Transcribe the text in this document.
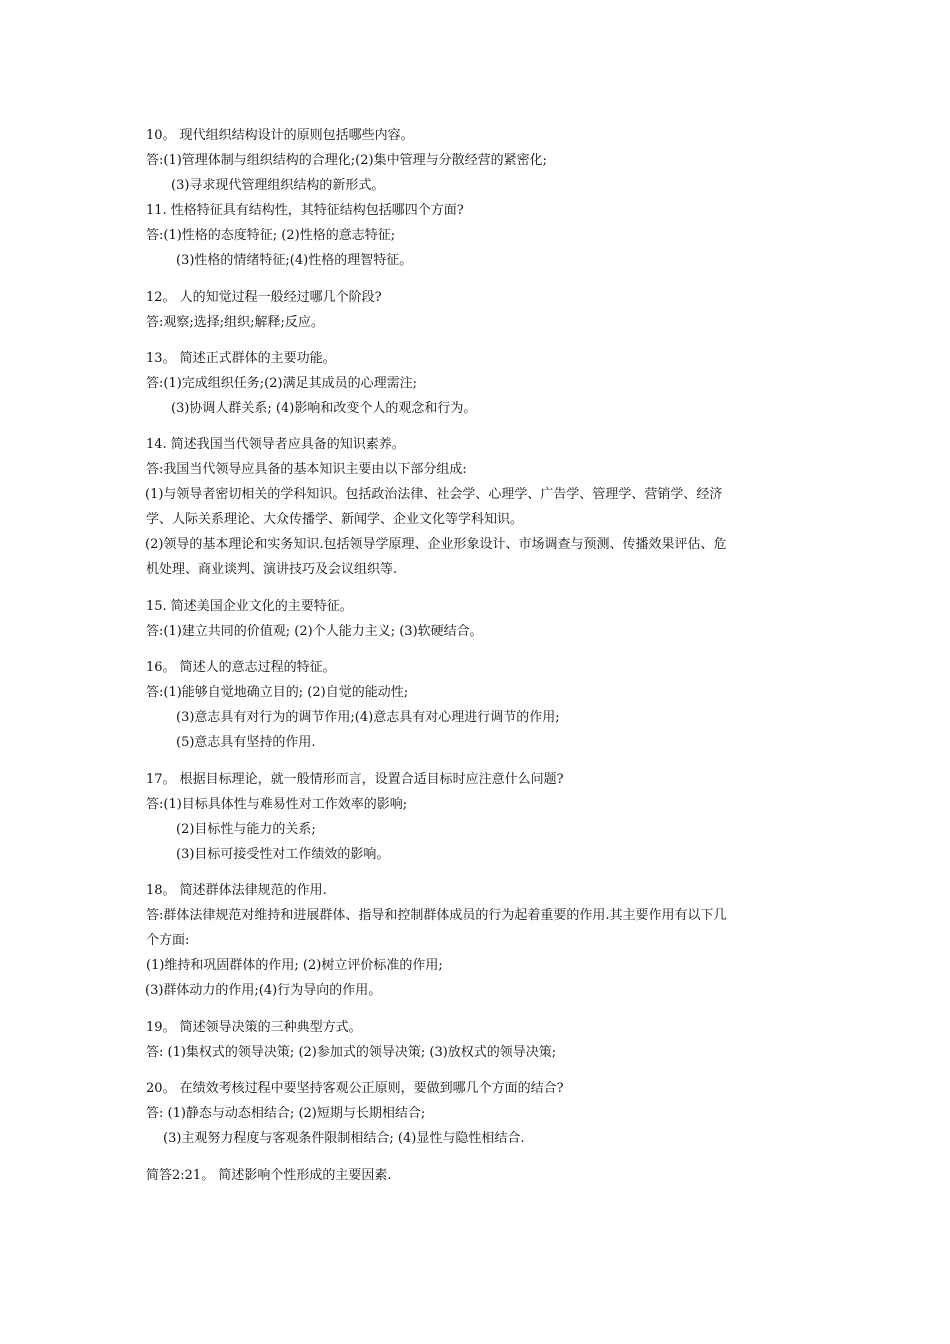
10。 现代组织结构设计的原则包括哪些内容。
答:(1)管理体制与组织结构的合理化;(2)集中管理与分散经营的紧密化;
(3)寻求现代管理组织结构的新形式。
11. 性格特征具有结构性，其特征结构包括哪四个方面?
答:(1)性格的态度特征; (2)性格的意志特征;
(3)性格的情绪特征;(4)性格的理智特征。
12。 人的知觉过程一般经过哪几个阶段?
答:观察;选择;组织;解释;反应。
13。 简述正式群体的主要功能。
答:(1)完成组织任务;(2)满足其成员的心理需注;
(3)协调人群关系; (4)影响和改变个人的观念和行为。
14. 简述我国当代领导者应具备的知识素养。
答:我国当代领导应具备的基本知识主要由以下部分组成:
(1)与领导者密切相关的学科知识。包括政治法律、社会学、心理学、广告学、管理学、营销学、经济
学、人际关系理论、大众传播学、新闻学、企业文化等学科知识。
(2)领导的基本理论和实务知识.包括领导学原理、企业形象设计、市场调查与预测、传播效果评估、危
机处理、商业谈判、演讲技巧及会议组织等.
15. 简述美国企业文化的主要特征。
答:(1)建立共同的价值观; (2)个人能力主义; (3)软硬结合。
16。 简述人的意志过程的特征。
答:(1)能够自觉地确立目的; (2)自觉的能动性;
(3)意志具有对行为的调节作用;(4)意志具有对心理进行调节的作用;
(5)意志具有坚持的作用.
17。 根据目标理论，就一般情形而言，设置合适目标时应注意什么问题?
答:(1)目标具体性与难易性对工作效率的影响;
(2)目标性与能力的关系;
(3)目标可接受性对工作绩效的影响。
18。 简述群体法律规范的作用.
答:群体法律规范对维持和进展群体、指导和控制群体成员的行为起着重要的作用.其主要作用有以下几
个方面:
(1)维持和巩固群体的作用; (2)树立评价标准的作用;
(3)群体动力的作用;(4)行为导向的作用。
19。 简述领导决策的三种典型方式。
答: (1)集权式的领导决策; (2)参加式的领导决策; (3)放权式的领导决策;
20。 在绩效考核过程中要坚持客观公正原则，要做到哪几个方面的结合?
答: (1)静态与动态相结合; (2)短期与长期相结合;
(3)主观努力程度与客观条件限制相结合; (4)显性与隐性相结合.
简答2:21。 简述影响个性形成的主要因素.
